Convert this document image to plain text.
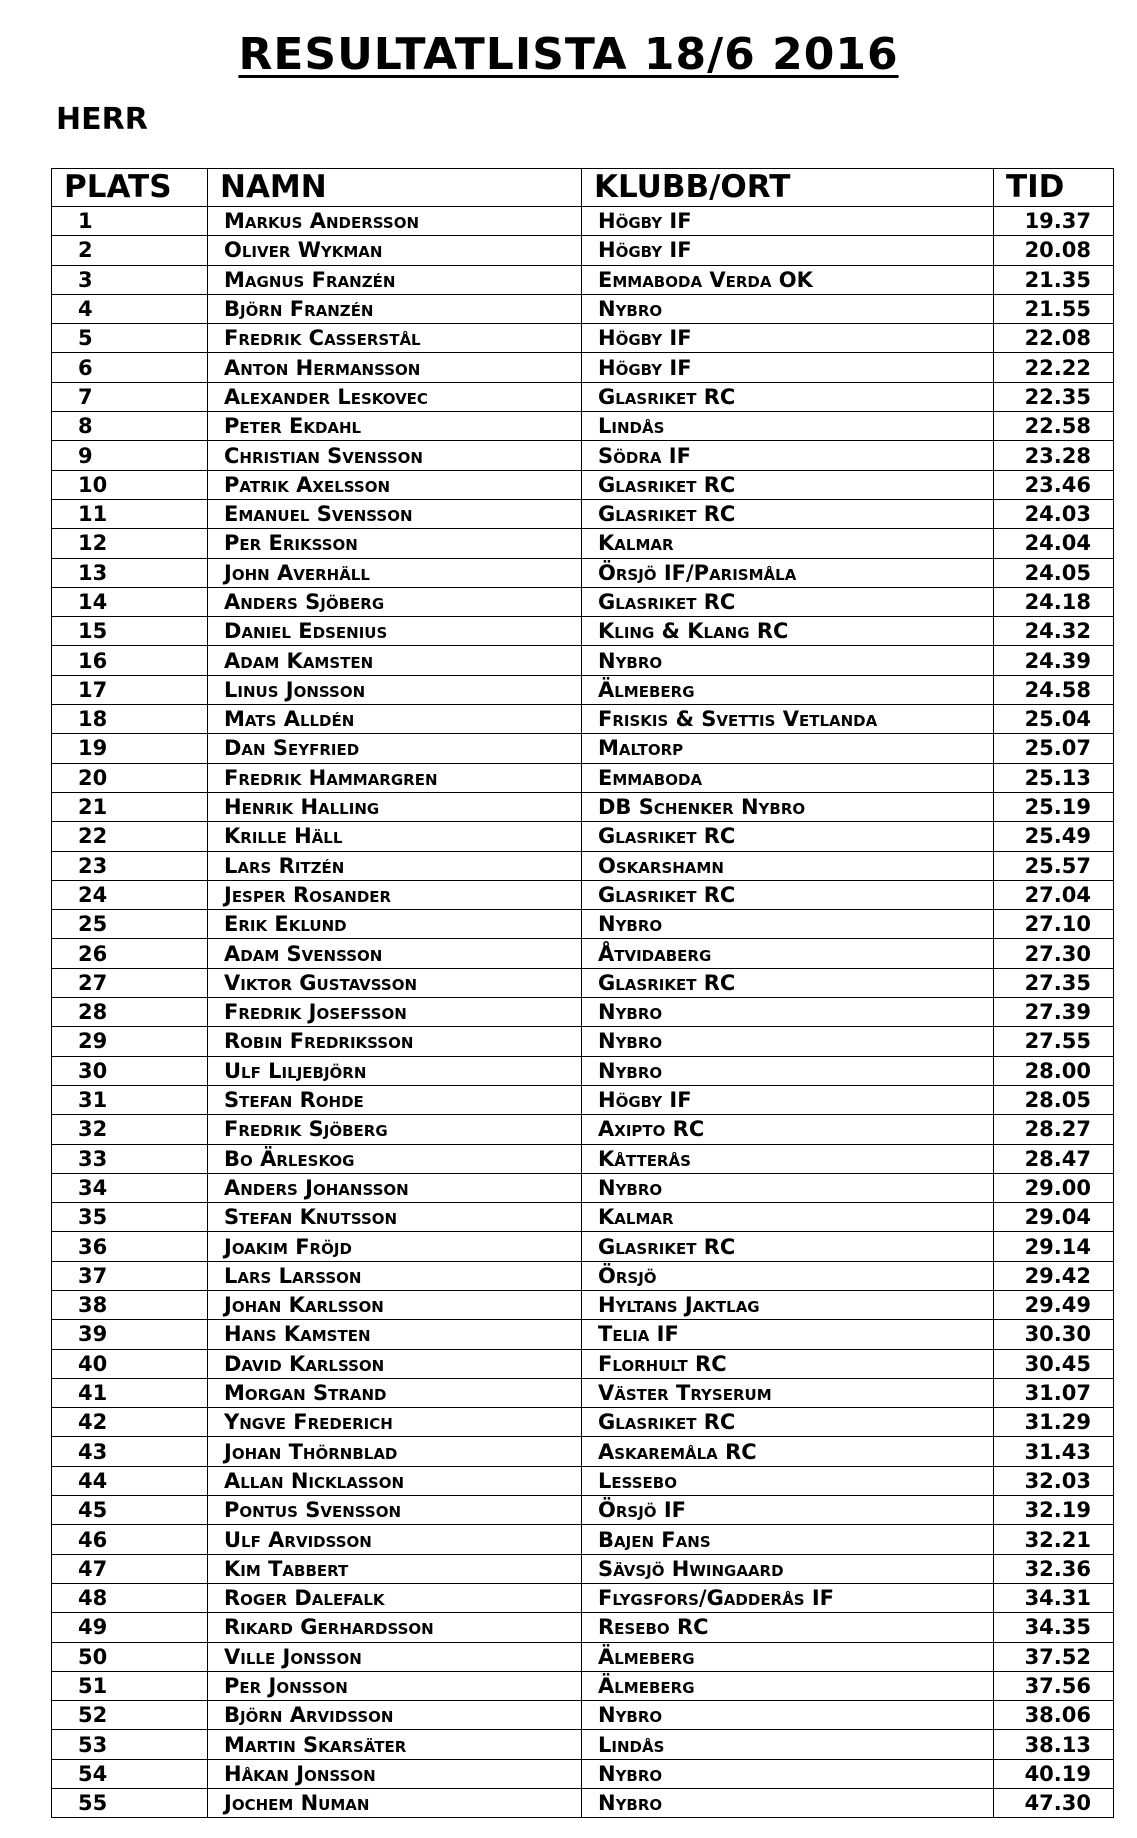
RESULTATLISTA 18/6 2016
HERR
PLATS	NAMN	KLUBB/ORT	TID
1	Markus Andersson	Högby IF	19.37
2	Oliver Wykman	Högby IF	20.08
3	Magnus Franzén	Emmaboda Verda OK	21.35
4	Björn Franzén	Nybro	21.55
5	Fredrik Casserstål	Högby IF	22.08
6	Anton Hermansson	Högby IF	22.22
7	Alexander Leskovec	Glasriket RC	22.35
8	Peter Ekdahl	Lindås	22.58
9	Christian Svensson	Södra IF	23.28
10	Patrik Axelsson	Glasriket RC	23.46
11	Emanuel Svensson	Glasriket RC	24.03
12	Per Eriksson	Kalmar	24.04
13	John Averhäll	Örsjö IF/Parismåla	24.05
14	Anders Sjöberg	Glasriket RC	24.18
15	Daniel Edsenius	Kling & Klang RC	24.32
16	Adam Kamsten	Nybro	24.39
17	Linus Jonsson	Älmeberg	24.58
18	Mats Alldén	Friskis & Svettis Vetlanda	25.04
19	Dan Seyfried	Maltorp	25.07
20	Fredrik Hammargren	Emmaboda	25.13
21	Henrik Halling	DB Schenker Nybro	25.19
22	Krille Häll	Glasriket RC	25.49
23	Lars Ritzén	Oskarshamn	25.57
24	Jesper Rosander	Glasriket RC	27.04
25	Erik Eklund	Nybro	27.10
26	Adam Svensson	Åtvidaberg	27.30
27	Viktor Gustavsson	Glasriket RC	27.35
28	Fredrik Josefsson	Nybro	27.39
29	Robin Fredriksson	Nybro	27.55
30	Ulf Liljebjörn	Nybro	28.00
31	Stefan Rohde	Högby IF	28.05
32	Fredrik Sjöberg	Axipto RC	28.27
33	Bo Ärleskog	Kåtterås	28.47
34	Anders Johansson	Nybro	29.00
35	Stefan Knutsson	Kalmar	29.04
36	Joakim Fröjd	Glasriket RC	29.14
37	Lars Larsson	Örsjö	29.42
38	Johan Karlsson	Hyltans Jaktlag	29.49
39	Hans Kamsten	Telia IF	30.30
40	David Karlsson	Florhult RC	30.45
41	Morgan Strand	Väster Tryserum	31.07
42	Yngve Frederich	Glasriket RC	31.29
43	Johan Thörnblad	Askaremåla RC	31.43
44	Allan Nicklasson	Lessebo	32.03
45	Pontus Svensson	Örsjö IF	32.19
46	Ulf Arvidsson	Bajen Fans	32.21
47	Kim Tabbert	Sävsjö Hwingaard	32.36
48	Roger Dalefalk	Flygsfors/Gadderås IF	34.31
49	Rikard Gerhardsson	Resebo RC	34.35
50	Ville Jonsson	Älmeberg	37.52
51	Per Jonsson	Älmeberg	37.56
52	Björn Arvidsson	Nybro	38.06
53	Martin Skarsäter	Lindås	38.13
54	Håkan Jonsson	Nybro	40.19
55	Jochem Numan	Nybro	47.30
